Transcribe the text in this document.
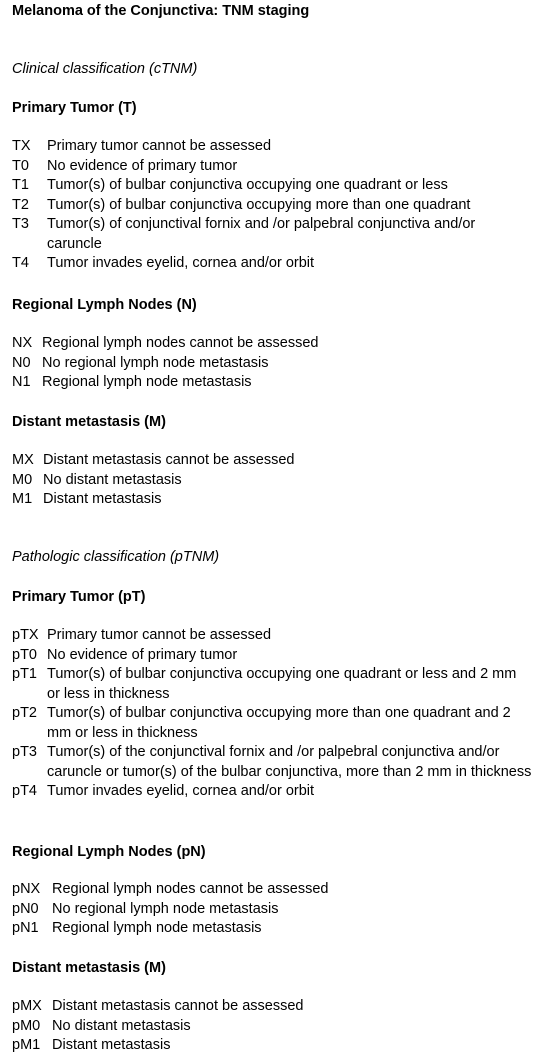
Melanoma of the Conjunctiva: TNM staging
Clinical classification (cTNM)
Primary Tumor (T)
TX	Primary tumor cannot be assessed
T0	No evidence of primary tumor
T1	Tumor(s) of bulbar conjunctiva occupying one quadrant or less
T2	Tumor(s) of bulbar conjunctiva occupying more than one quadrant
T3	Tumor(s) of conjunctival fornix and /or palpebral conjunctiva and/or caruncle
T4	Tumor invades eyelid, cornea and/or orbit
Regional Lymph Nodes (N)
NX Regional lymph nodes cannot be assessed
N0 No regional lymph node metastasis
N1 Regional lymph node metastasis
Distant metastasis (M)
MX Distant metastasis cannot be assessed
M0 No distant metastasis
M1 Distant metastasis
Pathologic classification (pTNM)
Primary Tumor (pT)
pTX Primary tumor cannot be assessed
pT0 No evidence of primary tumor
pT1 Tumor(s) of bulbar conjunctiva occupying one quadrant or less and 2 mm or less in thickness
pT2 Tumor(s) of bulbar conjunctiva occupying more than one quadrant and 2 mm or less in thickness
pT3 Tumor(s) of the conjunctival fornix and /or palpebral conjunctiva and/or caruncle or tumor(s) of the bulbar conjunctiva, more than 2 mm in thickness
pT4 Tumor invades eyelid, cornea and/or orbit
Regional Lymph Nodes (pN)
pNX Regional lymph nodes cannot be assessed
pN0 No regional lymph node metastasis
pN1 Regional lymph node metastasis
Distant metastasis (M)
pMX Distant metastasis cannot be assessed
pM0 No distant metastasis
pM1 Distant metastasis
